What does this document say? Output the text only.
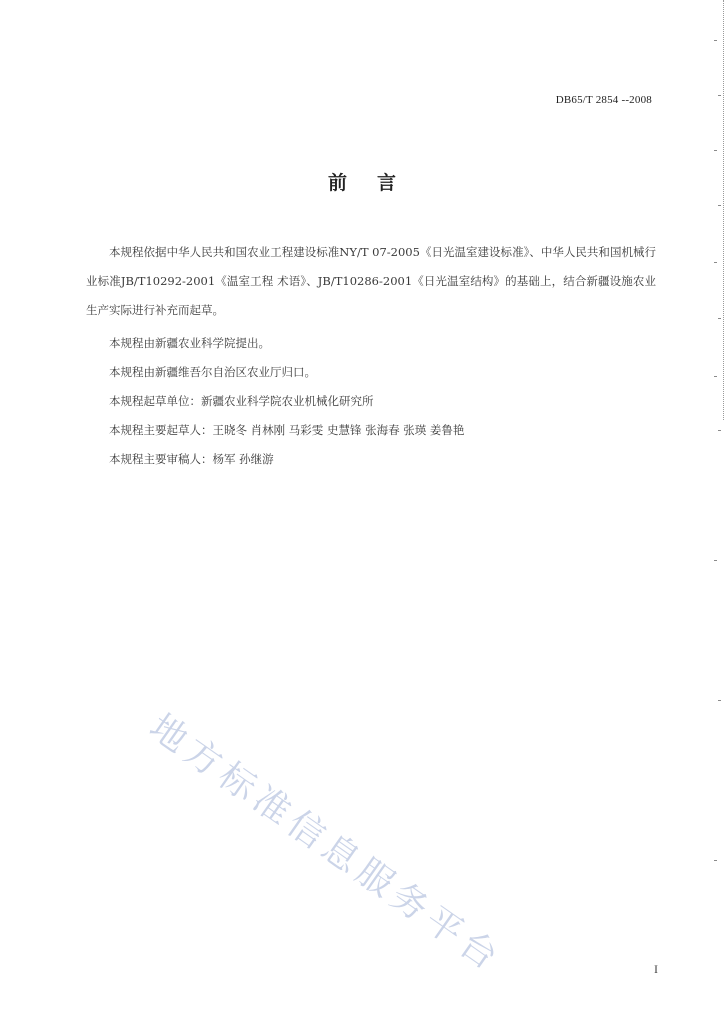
DB65/T 2854 --2008
前言

本规程依据中华人民共和国农业工程建设标准NY/T 07-2005《日光温室建设标准》、中华人民共和国机械行业标准JB/T10292-2001《温室工程 术语》、JB/T10286-2001《日光温室结构》的基础上，结合新疆设施农业生产实际进行补充而起草。

本规程由新疆农业科学院提出。

本规程由新疆维吾尔自治区农业厅归口。

本规程起草单位：新疆农业科学院农业机械化研究所

本规程主要起草人：王晓冬 肖林刚 马彩雯 史慧锋 张海春 张瑛 姜鲁艳

本规程主要审稿人：杨军 孙继游

地方标准信息服务平台	I
